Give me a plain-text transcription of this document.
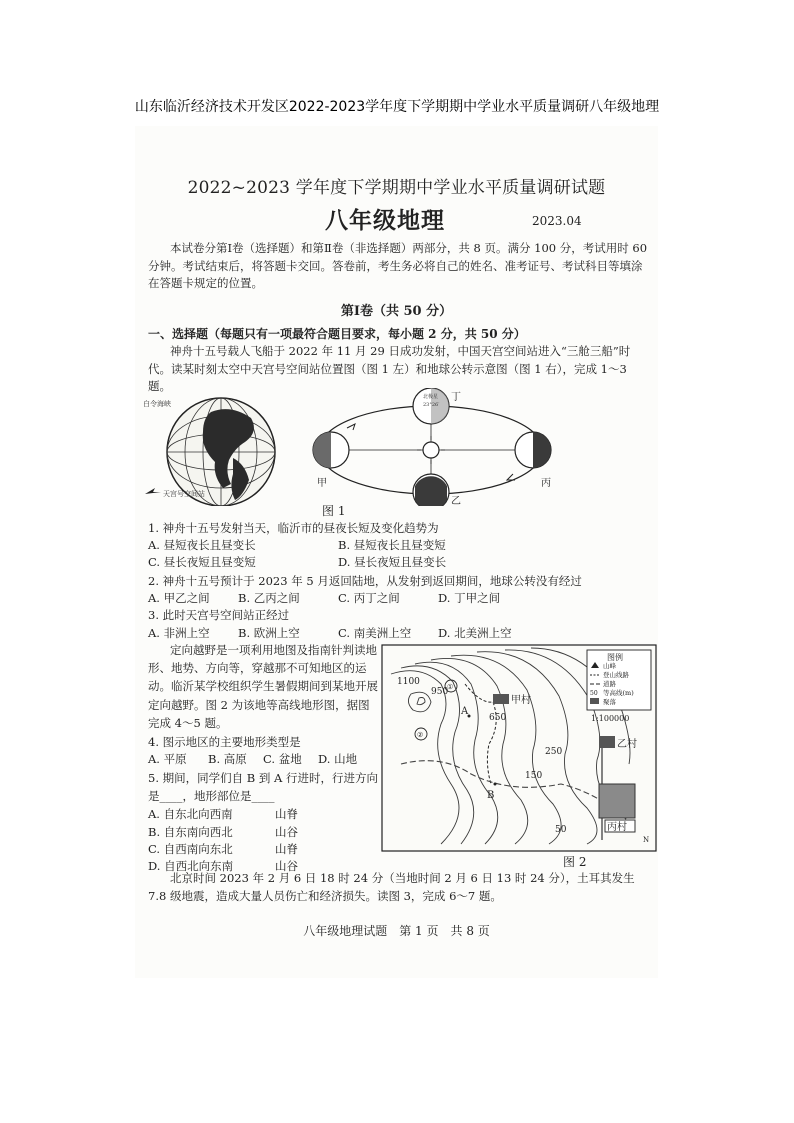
山东临沂经济技术开发区2022-2023学年度下学期期中学业水平质量调研八年级地理
2022~2023 学年度下学期期中学业水平质量调研试题
八年级地理	2023.04
本试卷分第Ⅰ卷（选择题）和第Ⅱ卷（非选择题）两部分，共 8 页。满分 100 分，考试用时 60 分钟。考试结束后，将答题卡交回。答卷前，考生务必将自己的姓名、准考证号、考试科目等填涂在答题卡规定的位置。
第Ⅰ卷（共 50 分）
一、选择题（每题只有一项最符合题目要求，每小题 2 分，共 50 分）
神舟十五号载人飞船于 2022 年 11 月 29 日成功发射，中国天宫空间站进入“三舱三船”时代。读某时刻太空中天宫号空间站位置图（图 1 左）和地球公转示意图（图 1 右），完成 1～3 题。
白令海峡
天宫号空间站
北极星
23°26′
丁
甲
乙
丙
图 1
1. 神舟十五号发射当天，临沂市的昼夜长短及变化趋势为
A. 昼短夜长且昼变长	B. 昼短夜长且昼变短
C. 昼长夜短且昼变短	D. 昼长夜短且昼变长
2. 神舟十五号预计于 2023 年 5 月返回陆地，从发射到返回期间，地球公转没有经过
A. 甲乙之间 B. 乙丙之间	C. 丙丁之间	D. 丁甲之间
3. 此时天宫号空间站正经过
A. 非洲上空 B. 欧洲上空	C. 南美洲上空 D. 北美洲上空
定向越野是一项利用地图及指南针判读地形、地势、方向等，穿越那不可知地区的运动。临沂某学校组织学生暑假期间到某地开展定向越野。图 2 为该地等高线地形图，据图完成 4～5 题。
4. 图示地区的主要地形类型是
A. 平原 B. 高原 C. 盆地 D. 山地
5. 期间，同学们自 B 到 A 行进时，行进方向是____，地形部位是____
A. 自东北向西南	山脊
B. 自东南向西北	山谷
C. 自西南向东北	山脊
D. 自西北向东南	山谷
甲村
乙村
丙村
1100
950
650
250
150
50
A
B
①
②
图例
山峰
登山线路
道路
50 等高线(m)
聚落
1:100000
N
图 2
北京时间 2023 年 2 月 6 日 18 时 24 分（当地时间 2 月 6 日 13 时 24 分），土耳其发生 7.8 级地震，造成大量人员伤亡和经济损失。读图 3，完成 6～7 题。
八年级地理试题　第 1 页　共 8 页
